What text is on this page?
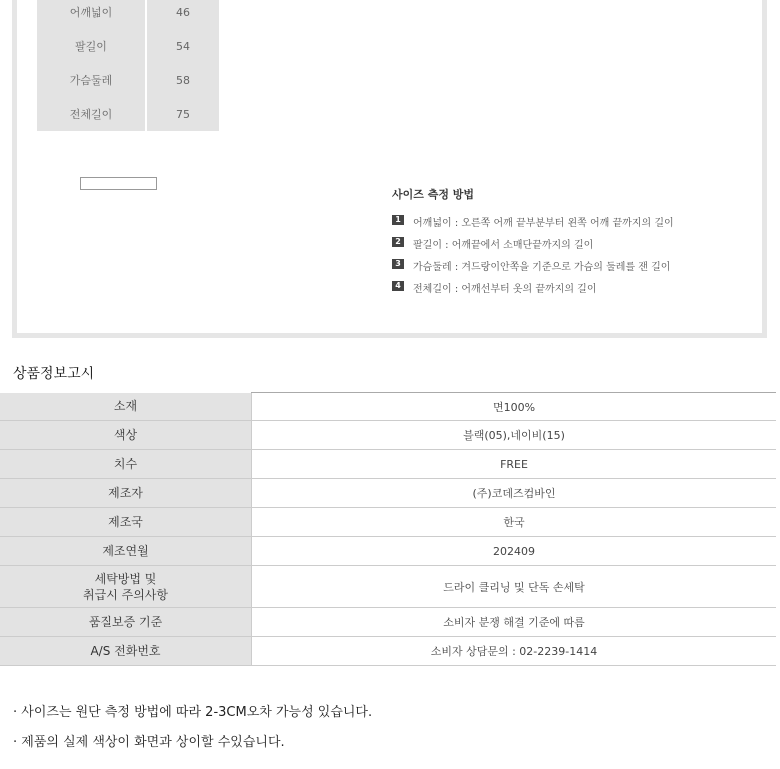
어깨넓이	46
팔길이	54
가슴둘레	58
전체길이	75
사이즈 측정 방법
1	어깨넓이 : 오른쪽 어깨 끝부분부터 왼쪽 어깨 끝까지의 길이
2	팔길이 : 어깨끝에서 소매단끝까지의 길이
3	가슴둘레 : 겨드랑이안쪽을 기준으로 가슴의 둘레를 잰 길이
4	전체길이 : 어깨선부터 옷의 끝까지의 길이
상품정보고시
소재	면100%
색상	블랙(05),네이비(15)
치수	FREE
제조자	(주)코데즈컴바인
제조국	한국
제조연월	202409
세탁방법 및
취급시 주의사항	드라이 클리닝 및 단독 손세탁
품질보증 기준	소비자 분쟁 해결 기준에 따름
A/S 전화번호	소비자 상담문의 : 02-2239-1414

· 사이즈는 원단 측정 방법에 따라 2-3CM오차 가능성 있습니다.

· 제품의 실제 색상이 화면과 상이할 수있습니다.
